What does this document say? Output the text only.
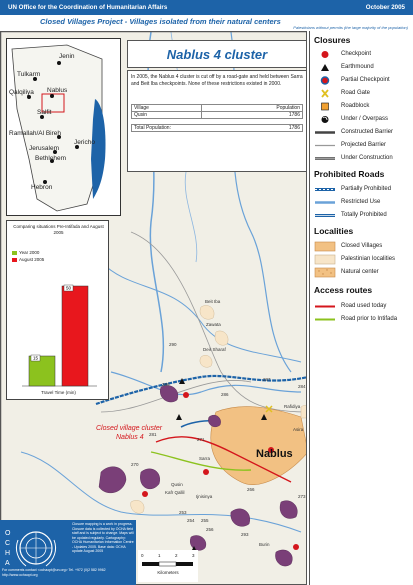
UN Office for the Coordination of Humanitarian Affairs	October 2005
Closed Villages Project - Villages isolated from their natural centers
Palestinians without permits (the large majority of the population)
290
289
287
286
284
281
271
270
253
254 255
256
273
266
293
Beit Iba
Qusin
Sarra
Zawata
Deir Sharaf
Rafidiya
Asira
Ijnisinya
Kafr Qallil
Burin
Nablus
Closed village cluster
Nablus 4
Jenin
Tulkarm
Qalqiliya Nablus
Salfit
Ramallah/Al Bireh
Jericho
Jerusalem
Bethlehem
Hebron
Comparing situations Pre-Intifada and August 2005
Year 2000
August 2005
15
50
Travel Time (min)
Nablus 4 cluster
In 2005, the Nablus 4 cluster is cut off by a road-gate and held between Sarra and Beit Iba checkpoints. None of these restrictions existed in 2000.
Village	Population
Qusin	1786
Total Population:	1786
O
C
H
A
Closure mapping is a work in progress. Closure data is collected by OCHA field staff and is subject to change. Maps will be updated regularly. Cartography: OCHA Humanitarian Information Centre - Updates 2005. Base data: OCHA update August 2005
For comments contact <ochaopt@un.org> Tel. +972 (0)2 582 9962 http://www.ochaopt.org
0	1	2	3
Kilometers
Closures
Checkpoint
Earthmound
Partial Checkpoint
Road Gate
Roadblock
Under / Overpass
Constructed Barrier
Projected Barrier
Under Construction
Prohibited Roads
Partially Prohibited
Restricted Use
Totally Prohibited
Localities
Closed Villages
Palestinian localities
Natural center
Access routes
Road used today
Road prior to Intifada
